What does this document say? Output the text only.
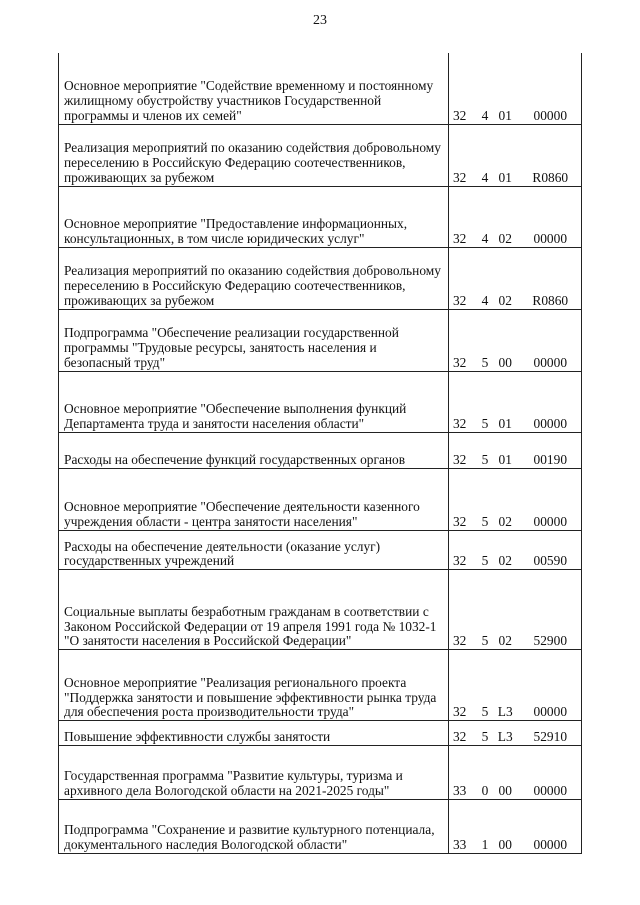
23
Основное мероприятие "Содействие временному и постоянному жилищному обустройству участников Государственной программы и членов их семей"	32	4	01	00000
Реализация мероприятий по оказанию содействия добровольному переселению в Российскую Федерацию соотечественников, проживающих за рубежом	32	4	01	R0860
Основное мероприятие "Предоставление информационных, консультационных, в том числе юридических услуг"	32	4	02	00000
Реализация мероприятий по оказанию содействия добровольному переселению в Российскую Федерацию соотечественников, проживающих за рубежом	32	4	02	R0860
Подпрограмма "Обеспечение реализации государственной программы "Трудовые ресурсы, занятость населения и безопасный труд"	32	5	00	00000
Основное мероприятие "Обеспечение выполнения функций Департамента труда и занятости населения области"	32	5	01	00000
Расходы на обеспечение функций государственных органов	32	5	01	00190
Основное мероприятие "Обеспечение деятельности казенного учреждения области - центра занятости населения"	32	5	02	00000
Расходы на обеспечение деятельности (оказание услуг) государственных учреждений	32	5	02	00590
Социальные выплаты безработным гражданам в соответствии с Законом Российской Федерации от 19 апреля 1991 года № 1032-1 "О занятости населения в Российской Федерации"	32	5	02	52900
Основное мероприятие "Реализация регионального проекта "Поддержка занятости и повышение эффективности рынка труда для обеспечения роста производительности труда"	32	5	L3	00000
Повышение эффективности службы занятости	32	5	L3	52910
Государственная программа "Развитие культуры, туризма и архивного дела Вологодской области на 2021-2025 годы"	33	0	00	00000
Подпрограмма "Сохранение и развитие культурного потенциала, документального наследия Вологодской области"	33	1	00	00000
